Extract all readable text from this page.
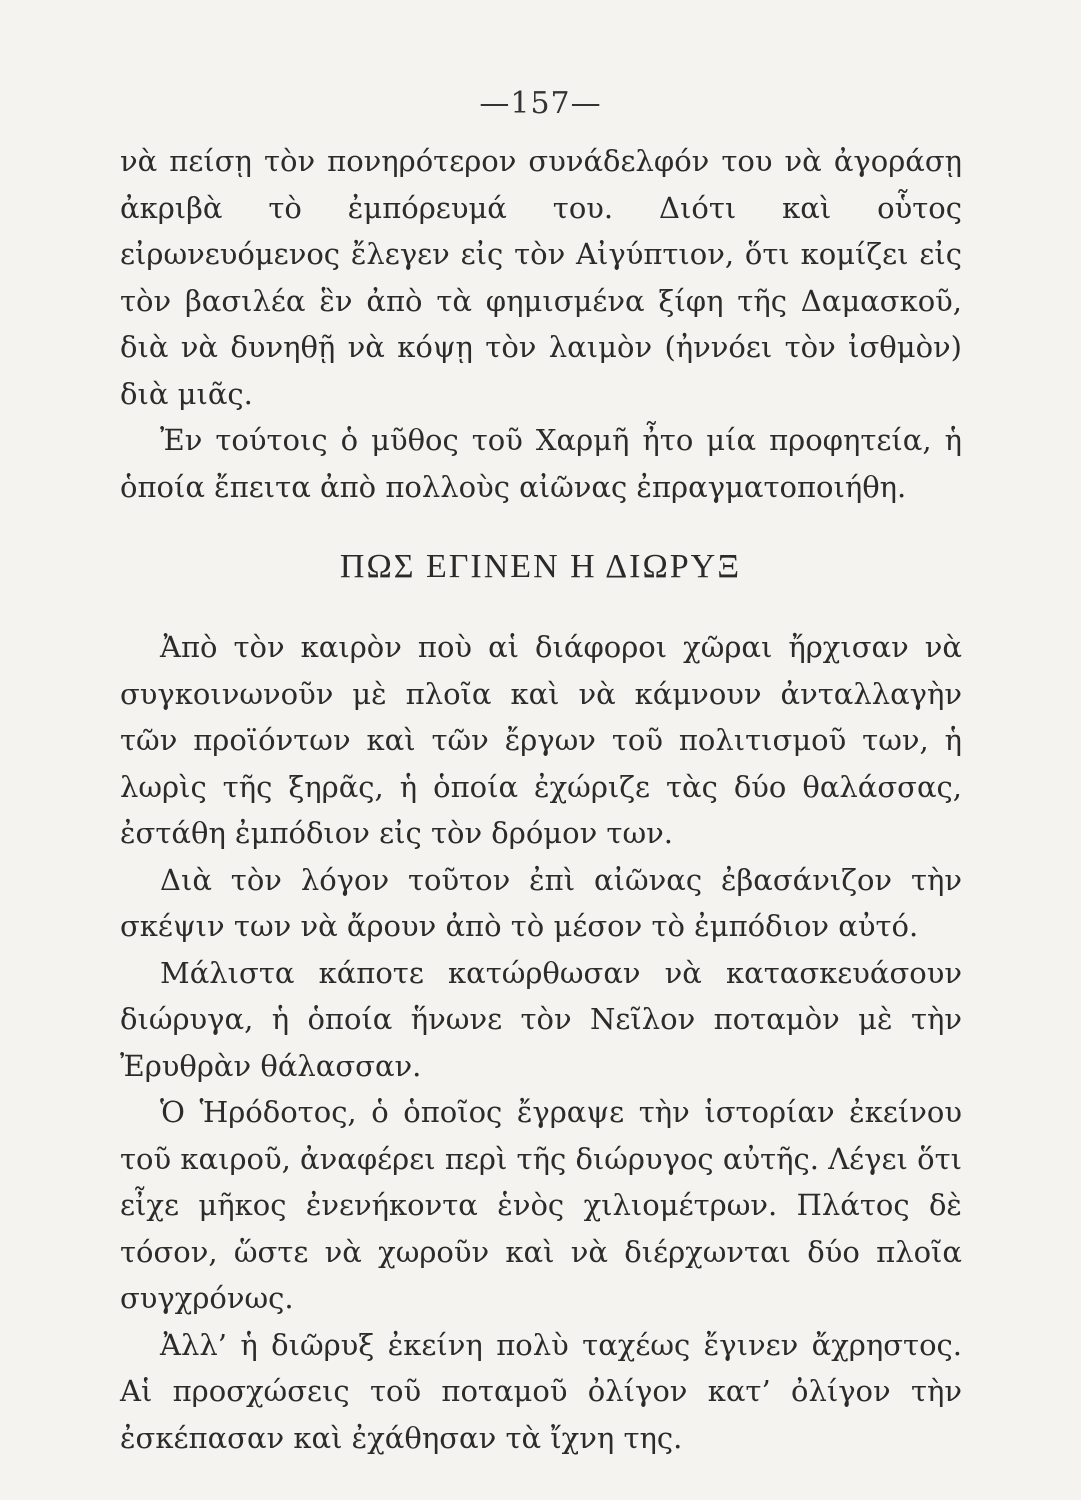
—157—

νὰ πείσῃ τὸν πονηρότερον συνάδελφόν του νὰ ἀγοράσῃ ἀκριβὰ τὸ ἐμπόρευμά του. Διότι καὶ οὗτος εἰρωνευόμενος ἔλεγεν εἰς τὸν Αἰγύπτιον, ὅτι κομίζει εἰς τὸν βασιλέα ἓν ἀπὸ τὰ φημισμένα ξίφη τῆς Δαμασκοῦ, διὰ νὰ δυνηθῇ νὰ κόψῃ τὸν λαιμὸν (ἠννόει τὸν ἰσθμὸν) διὰ μιᾶς.

Ἐν τούτοις ὁ μῦθος τοῦ Χαρμῆ ἦτο μία προφητεία, ἡ ὁποία ἔπειτα ἀπὸ πολλοὺς αἰῶνας ἐπραγματοποιήθη.

ΠΩΣ ΕΓΙΝΕΝ Η ΔΙΩΡΥΞ

Ἀπὸ τὸν καιρὸν ποὺ αἱ διάφοροι χῶραι ἤρχισαν νὰ συγκοινωνοῦν μὲ πλοῖα καὶ νὰ κάμνουν ἀνταλλαγὴν τῶν προϊόντων καὶ τῶν ἔργων τοῦ πολιτισμοῦ των, ἡ λωρὶς τῆς ξηρᾶς, ἡ ὁποία ἐχώριζε τὰς δύο θαλάσσας, ἐστάθη ἐμπόδιον εἰς τὸν δρόμον των.

Διὰ τὸν λόγον τοῦτον ἐπὶ αἰῶνας ἐβασάνιζον τὴν σκέψιν των νὰ ἄρουν ἀπὸ τὸ μέσον τὸ ἐμπόδιον αὐτό.

Μάλιστα κάποτε κατώρθωσαν νὰ κατασκευάσουν διώρυγα, ἡ ὁποία ἥνωνε τὸν Νεῖλον ποταμὸν μὲ τὴν Ἐρυθρὰν θάλασσαν.

Ὁ Ἡρόδοτος, ὁ ὁποῖος ἔγραψε τὴν ἱστορίαν ἐκείνου τοῦ καιροῦ, ἀναφέρει περὶ τῆς διώρυγος αὐτῆς. Λέγει ὅτι εἶχε μῆκος ἐνενήκοντα ἑνὸς χιλιομέτρων. Πλάτος δὲ τόσον, ὥστε νὰ χωροῦν καὶ νὰ διέρχωνται δύο πλοῖα συγχρόνως.

Ἀλλ’ ἡ διῶρυξ ἐκείνη πολὺ ταχέως ἔγινεν ἄχρηστος. Αἱ προσχώσεις τοῦ ποταμοῦ ὀλίγον κατ’ ὀλίγον τὴν ἐσκέπασαν καὶ ἐχάθησαν τὰ ἴχνη της.
